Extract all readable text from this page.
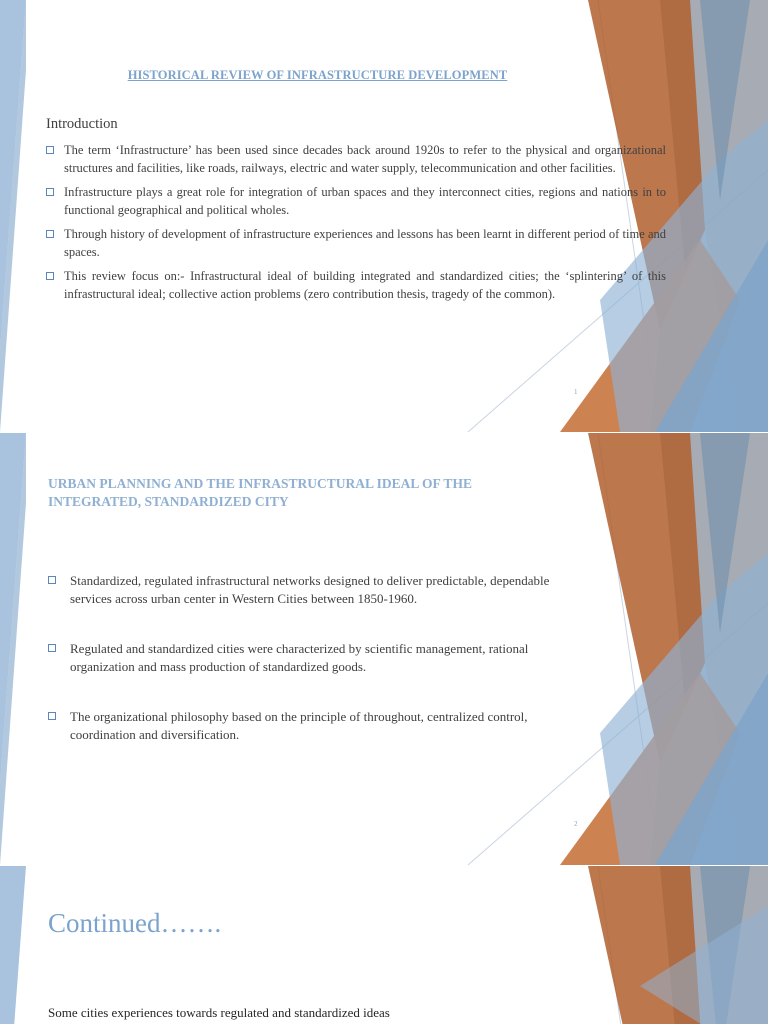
HISTORICAL REVIEW OF INFRASTRUCTURE DEVELOPMENT
Introduction
The term ‘Infrastructure’ has been used since decades back around 1920s to refer to the physical and organizational structures and facilities, like roads, railways, electric and water supply, telecommunication and other facilities.
Infrastructure plays a great role for integration of urban spaces and they interconnect cities, regions and nations in to functional geographical and political wholes.
Through history of development of infrastructure experiences and lessons has been learnt in different period of time and spaces.
This review focus on:- Infrastructural ideal of building integrated and standardized cities; the ‘splintering’ of this infrastructural ideal; collective action problems (zero contribution thesis, tragedy of the common).
1
URBAN PLANNING AND THE INFRASTRUCTURAL IDEAL OF THE INTEGRATED, STANDARDIZED CITY
Standardized, regulated infrastructural networks designed to deliver predictable, dependable services across urban center in Western Cities between 1850-1960.
Regulated and standardized cities were characterized by scientific management, rational organization and mass production of standardized goods.
The organizational philosophy based on the principle of throughout, centralized control, coordination and diversification.
2
Continued…….
Some cities experiences towards regulated and standardized ideas
